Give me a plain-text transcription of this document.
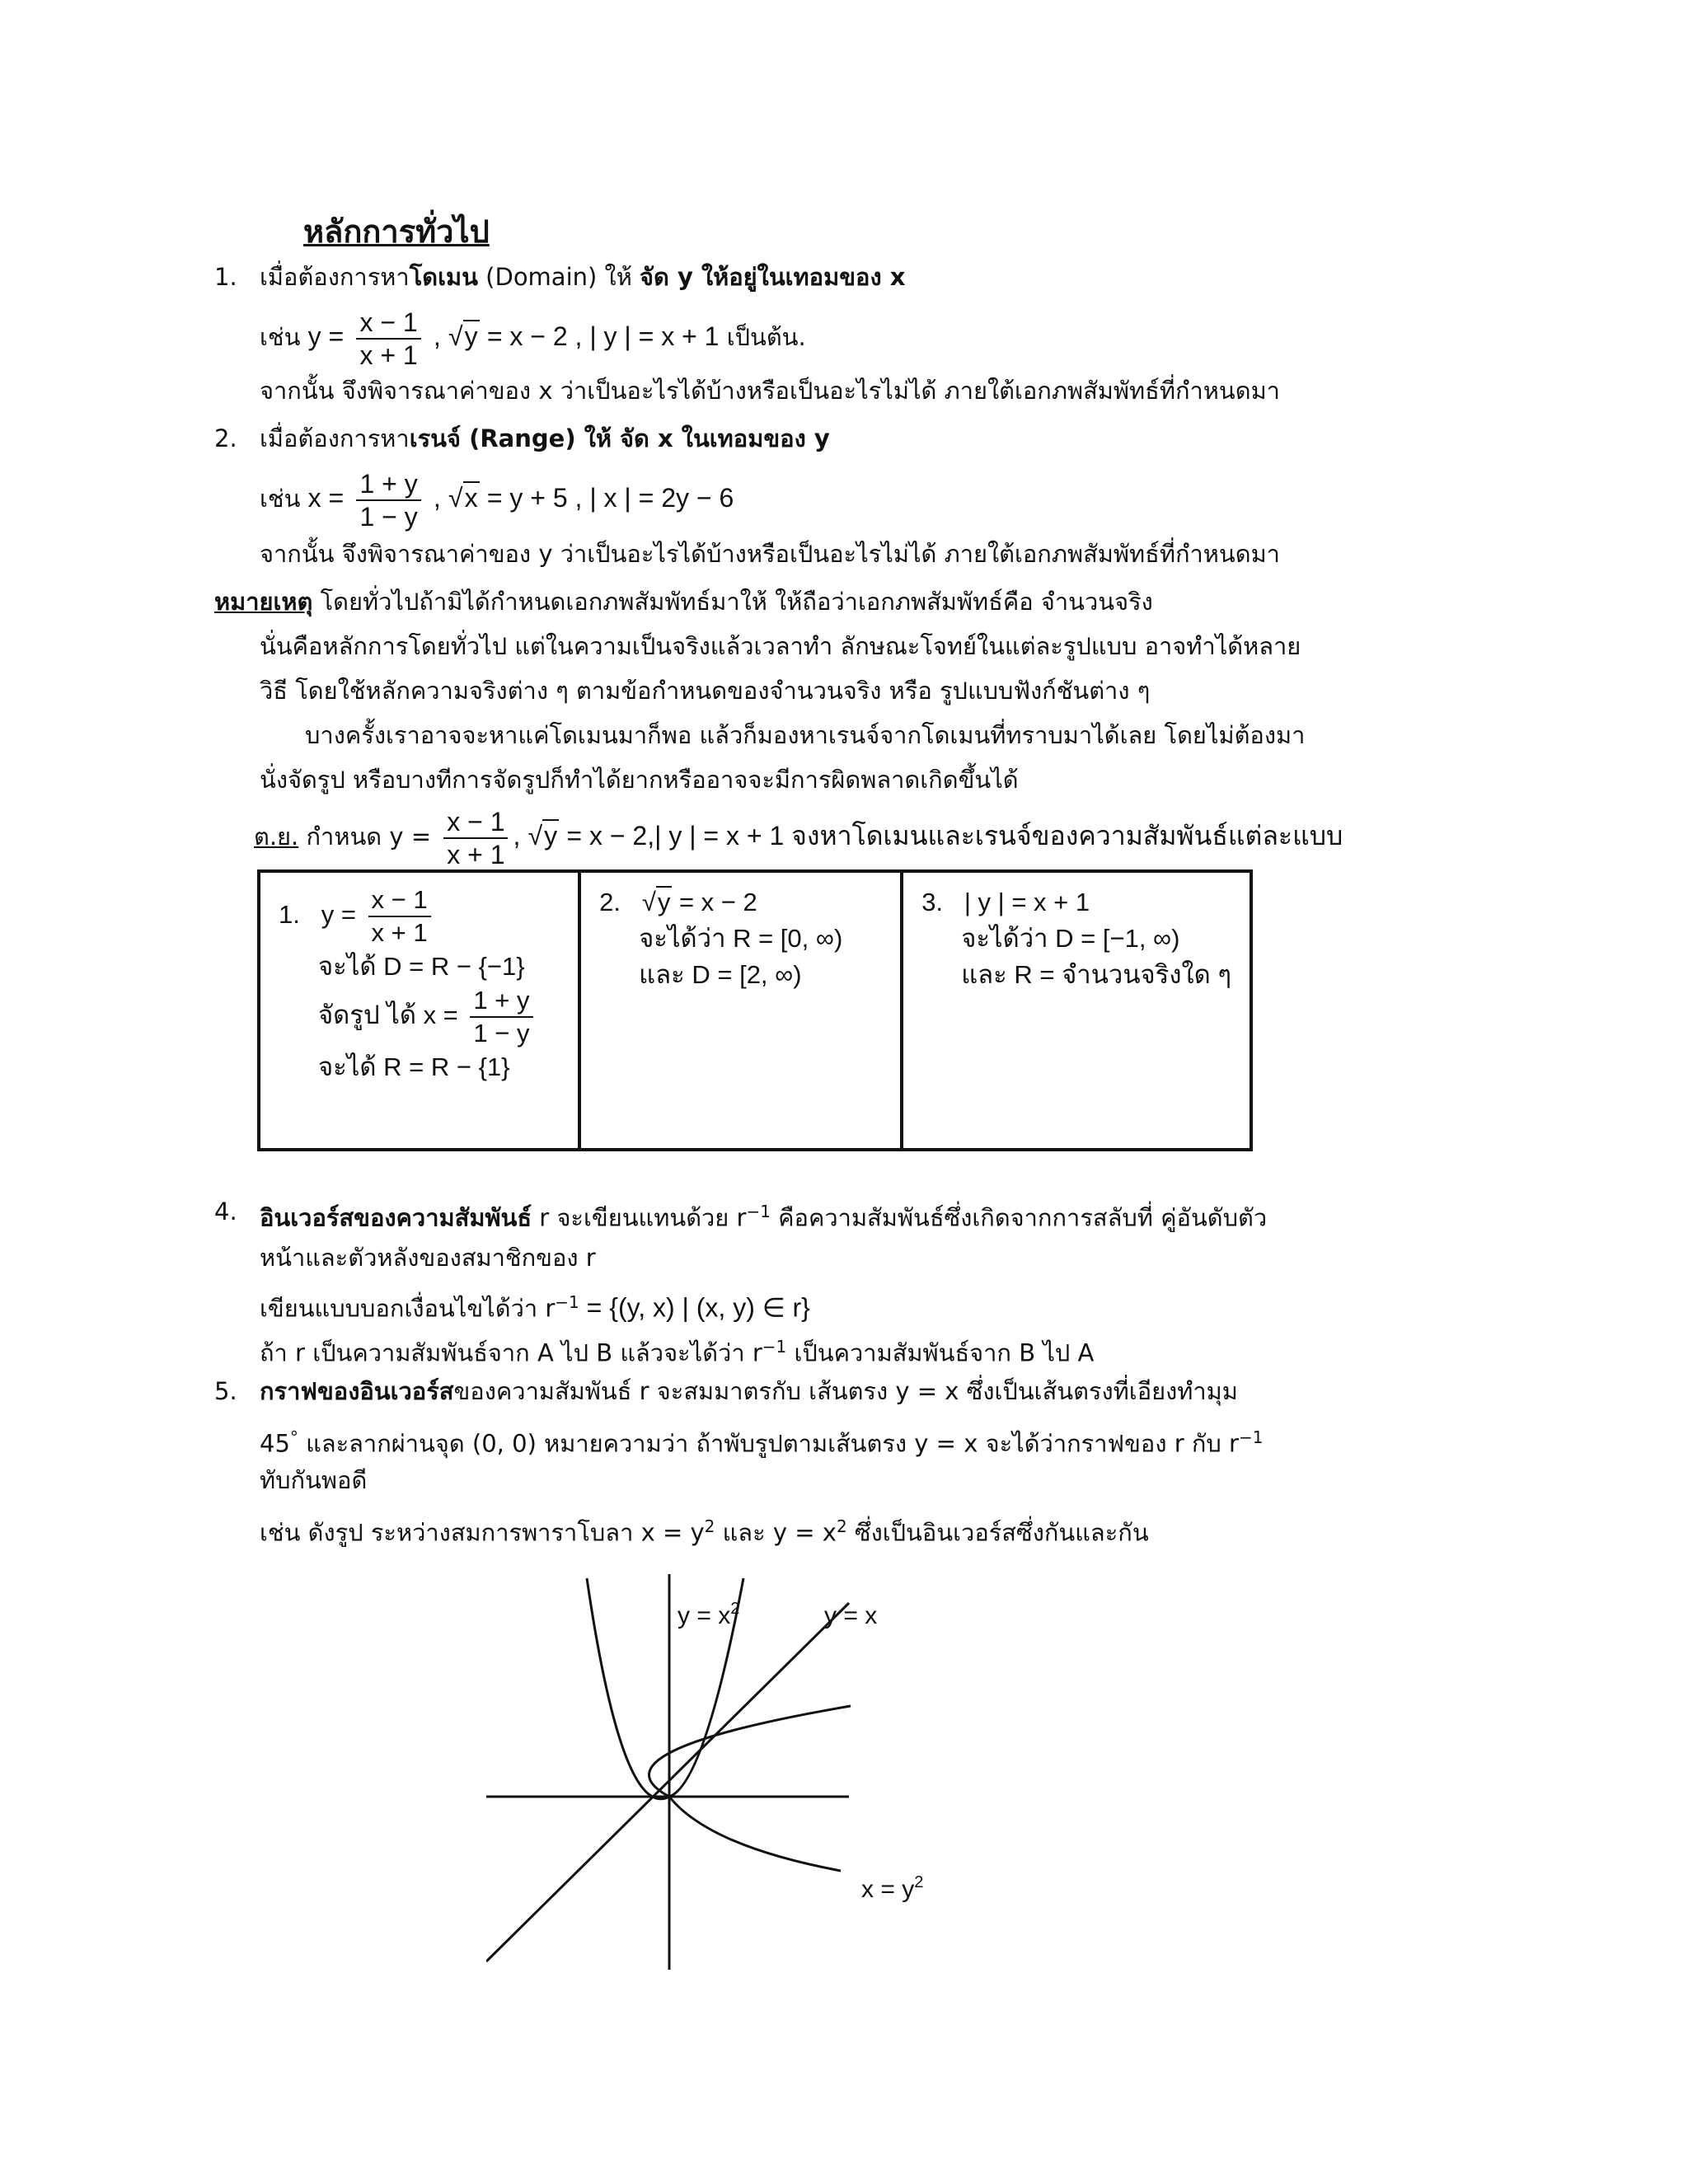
หลักการทั่วไป
1. เมื่อต้องการหาโดเมน (Domain) ให้ จัด y ให้อยู่ในเทอมของ x
เช่น $y = \frac{x - 1}{x + 1}$ , √y = x − 2 , | y | = x + 1 เป็นต้น.
จากนั้น จึงพิจารณาค่าของ x ว่าเป็นอะไรได้บ้างหรือเป็นอะไรไม่ได้ ภายใต้เอกภพสัมพัทธ์ที่กำหนดมา
2. เมื่อต้องการหาเรนจ์ (Range) ให้ จัด x ในเทอมของ y
เช่น $x = \frac{1 + y}{1 - y}$ , √x = y + 5 , | x | = 2y − 6
จากนั้น จึงพิจารณาค่าของ y ว่าเป็นอะไรได้บ้างหรือเป็นอะไรไม่ได้ ภายใต้เอกภพสัมพัทธ์ที่กำหนดมา
หมายเหตุ โดยทั่วไปถ้ามิได้กำหนดเอกภพสัมพัทธ์มาให้ ให้ถือว่าเอกภพสัมพัทธ์คือ จำนวนจริง
นั่นคือหลักการโดยทั่วไป แต่ในความเป็นจริงแล้วเวลาทำ ลักษณะโจทย์ในแต่ละรูปแบบ อาจทำได้หลาย
วิธี โดยใช้หลักความจริงต่าง ๆ ตามข้อกำหนดของจำนวนจริง หรือ รูปแบบฟังก์ชันต่าง ๆ
บางครั้งเราอาจจะหาแค่โดเมนมาก็พอ แล้วก็มองหาเรนจ์จากโดเมนที่ทราบมาได้เลย โดยไม่ต้องมา
นั่งจัดรูป หรือบางทีการจัดรูปก็ทำได้ยากหรืออาจจะมีการผิดพลาดเกิดขึ้นได้
ต.ย. กำหนด $y = \frac{x - 1}{x + 1}$ , √y = x − 2,| y | = x + 1 จงหาโดเมนและเรนจ์ของความสัมพันธ์แต่ละแบบ
1. $y = \frac{x - 1}{x + 1}$
จะได้ D = R − {−1}
จัดรูป ได้ $x = \frac{1 + y}{1 - y}$
จะได้ R = R − {1}
2. √y = x − 2
จะได้ว่า R = [0, ∞)
และ D = [2, ∞)
3. | y | = x + 1
จะได้ว่า D = [−1, ∞)
และ R = จำนวนจริงใด ๆ
4. อินเวอร์สของความสัมพันธ์ r จะเขียนแทนด้วย $r^{-1}$ คือความสัมพันธ์ซึ่งเกิดจากการสลับที่ คู่อันดับตัว
หน้าและตัวหลังของสมาชิกของ r
เขียนแบบบอกเงื่อนไขได้ว่า $r^{-1} = \{(y$, x) | (x, y) ∈ r}
ถ้า r เป็นความสัมพันธ์จาก A ไป B แล้วจะได้ว่า $r^{-1}$ เป็นความสัมพันธ์จาก B ไป A
5. กราฟของอินเวอร์สของความสัมพันธ์ r จะสมมาตรกับ เส้นตรง y = x ซึ่งเป็นเส้นตรงที่เอียงทำมุม
45° และลากผ่านจุด (0, 0) หมายความว่า ถ้าพับรูปตามเส้นตรง y = x จะได้ว่ากราฟของ r กับ $r^{-1}$
ทับกันพอดี
เช่น ดังรูป ระหว่างสมการพาราโบลา $x = y^2$ และ $y = x^2$ ซึ่งเป็นอินเวอร์สซึ่งกันและกัน
$y = x^2$	y = x
$x = y^2$
